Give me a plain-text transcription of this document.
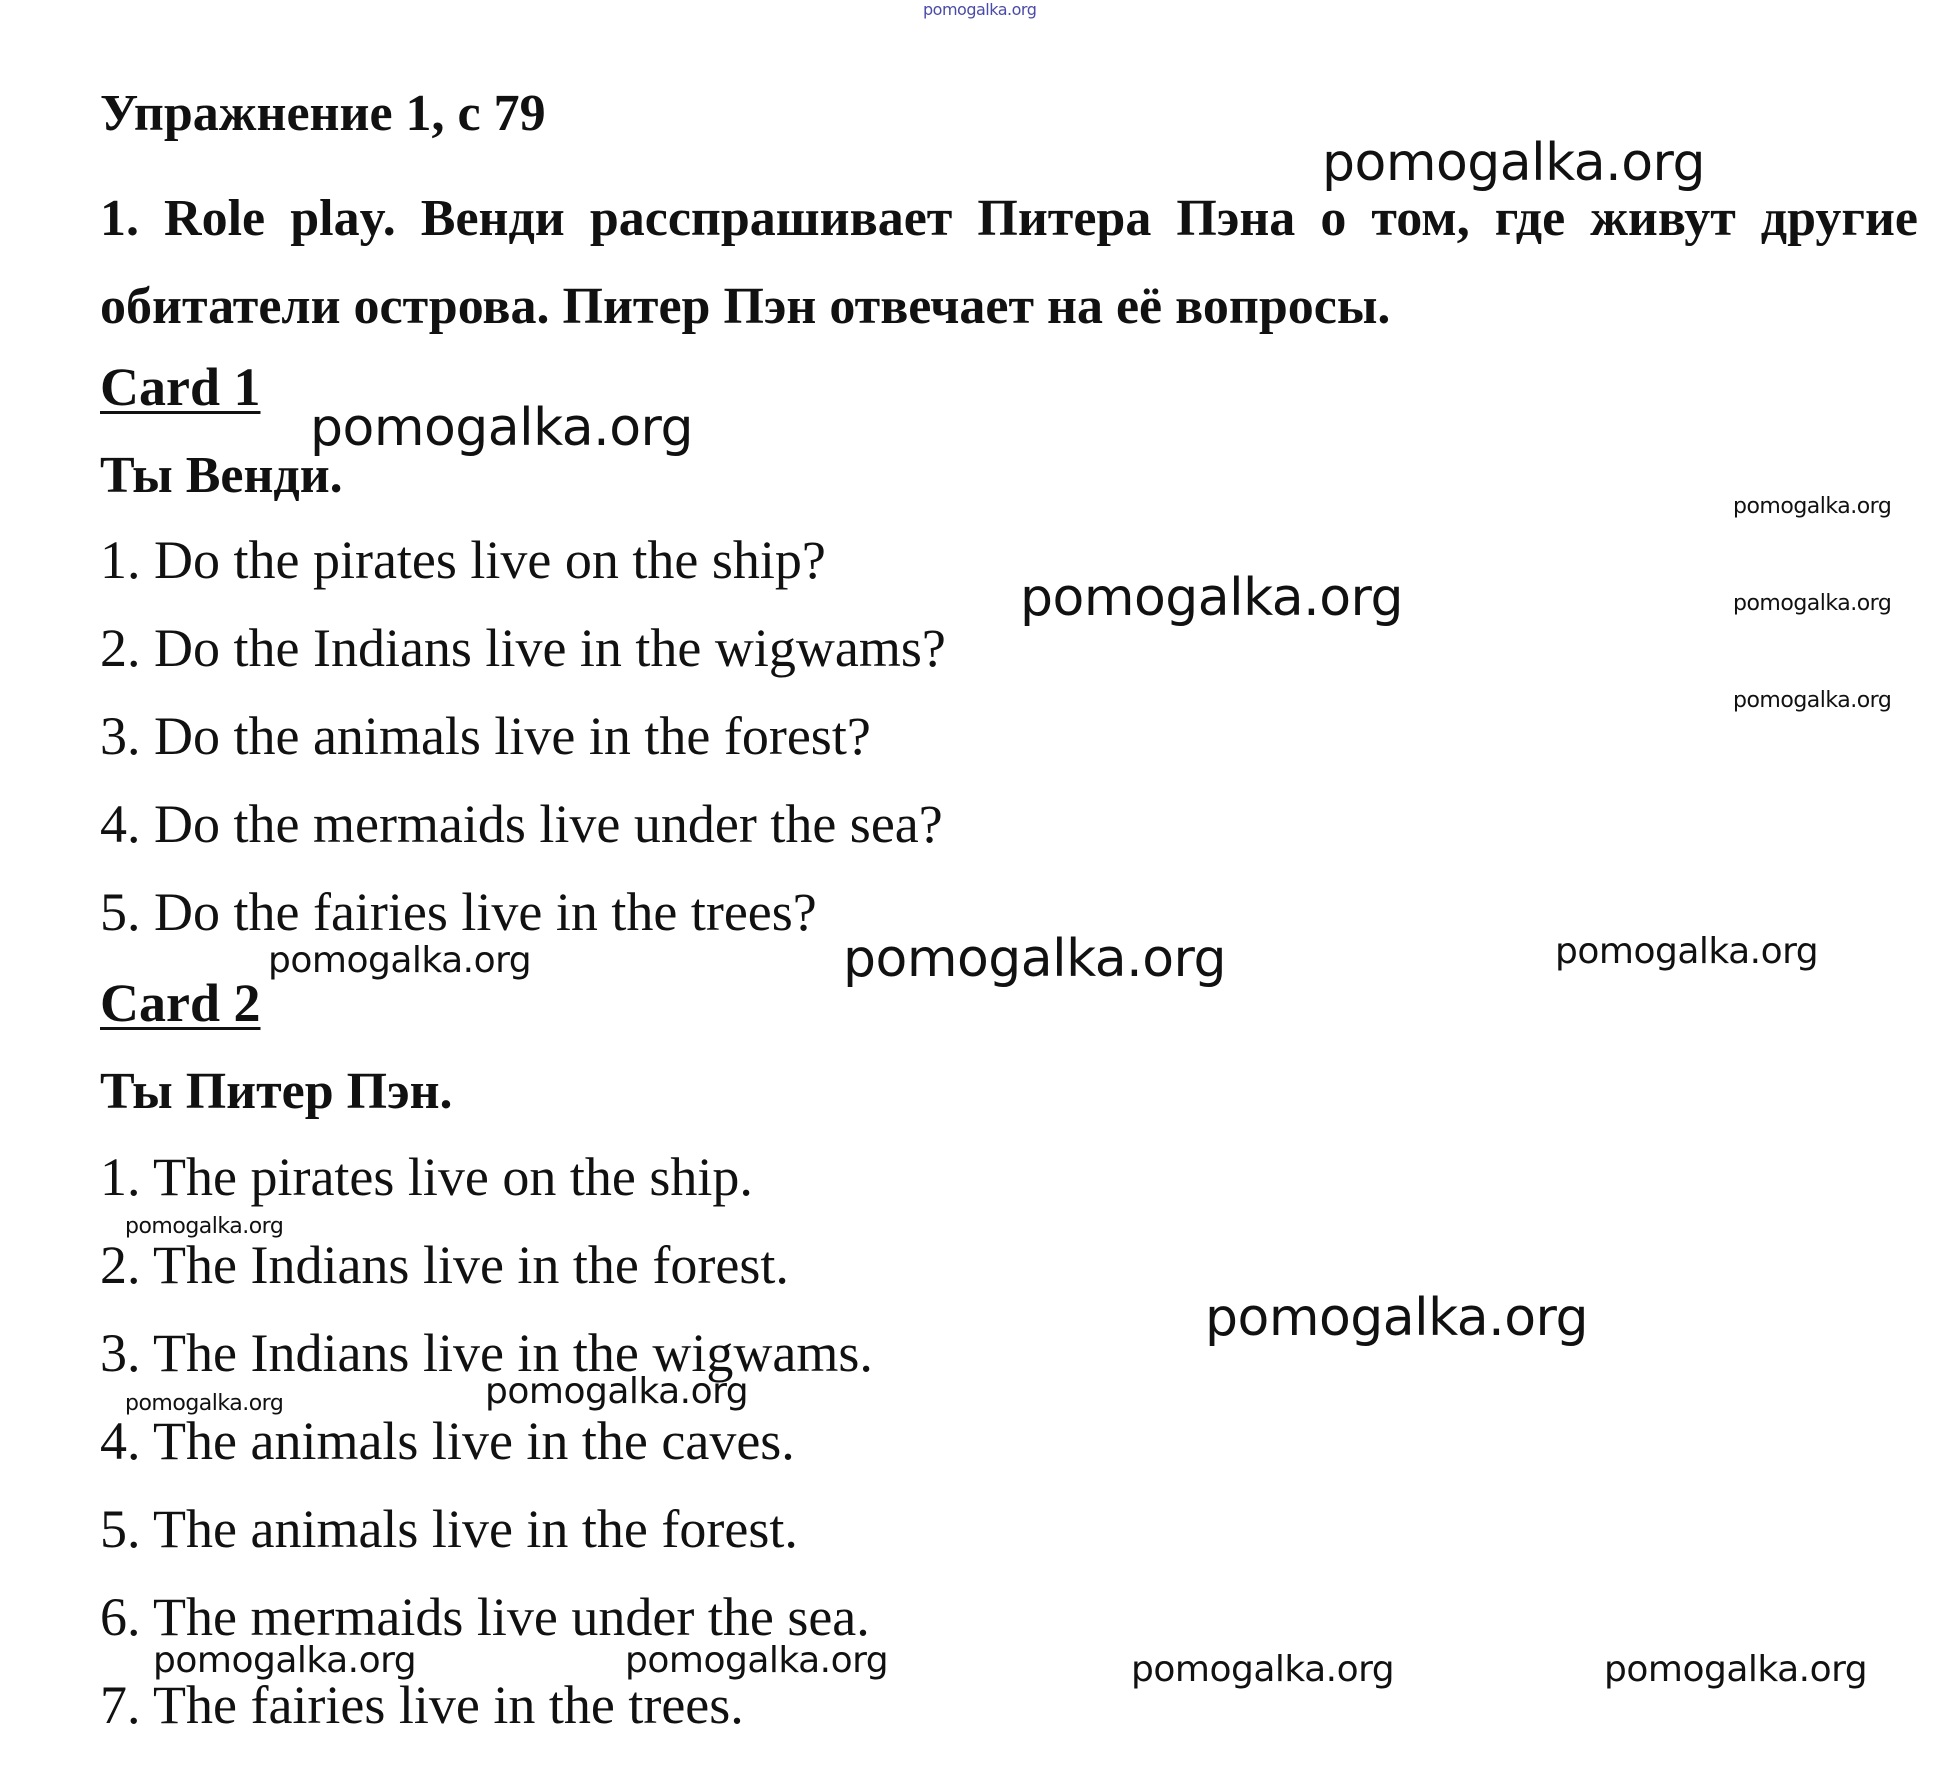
pomogalka.org
Упражнение 1, с 79
1. Role play. Венди расспрашивает Питера Пэна о том, где живут другие обитатели острова. Питер Пэн отвечает на её вопросы.
Card 1
Ты Венди.
1. Do the pirates live on the ship?
2. Do the Indians live in the wigwams?
3. Do the animals live in the forest?
4. Do the mermaids live under the sea?
5. Do the fairies live in the trees?
Card 2
Ты Питер Пэн.
1. The pirates live on the ship.
2. The Indians live in the forest.
3. The Indians live in the wigwams.
4. The animals live in the caves.
5. The animals live in the forest.
6. The mermaids live under the sea.
7. The fairies live in the trees.
pomogalka.org
pomogalka.org
pomogalka.org
pomogalka.org	pomogalka.org
pomogalka.org
pomogalka.org	pomogalka.org	pomogalka.org
pomogalka.org
pomogalka.org
pomogalka.org
pomogalka.org
pomogalka.org	pomogalka.org	pomogalka.org	pomogalka.org
